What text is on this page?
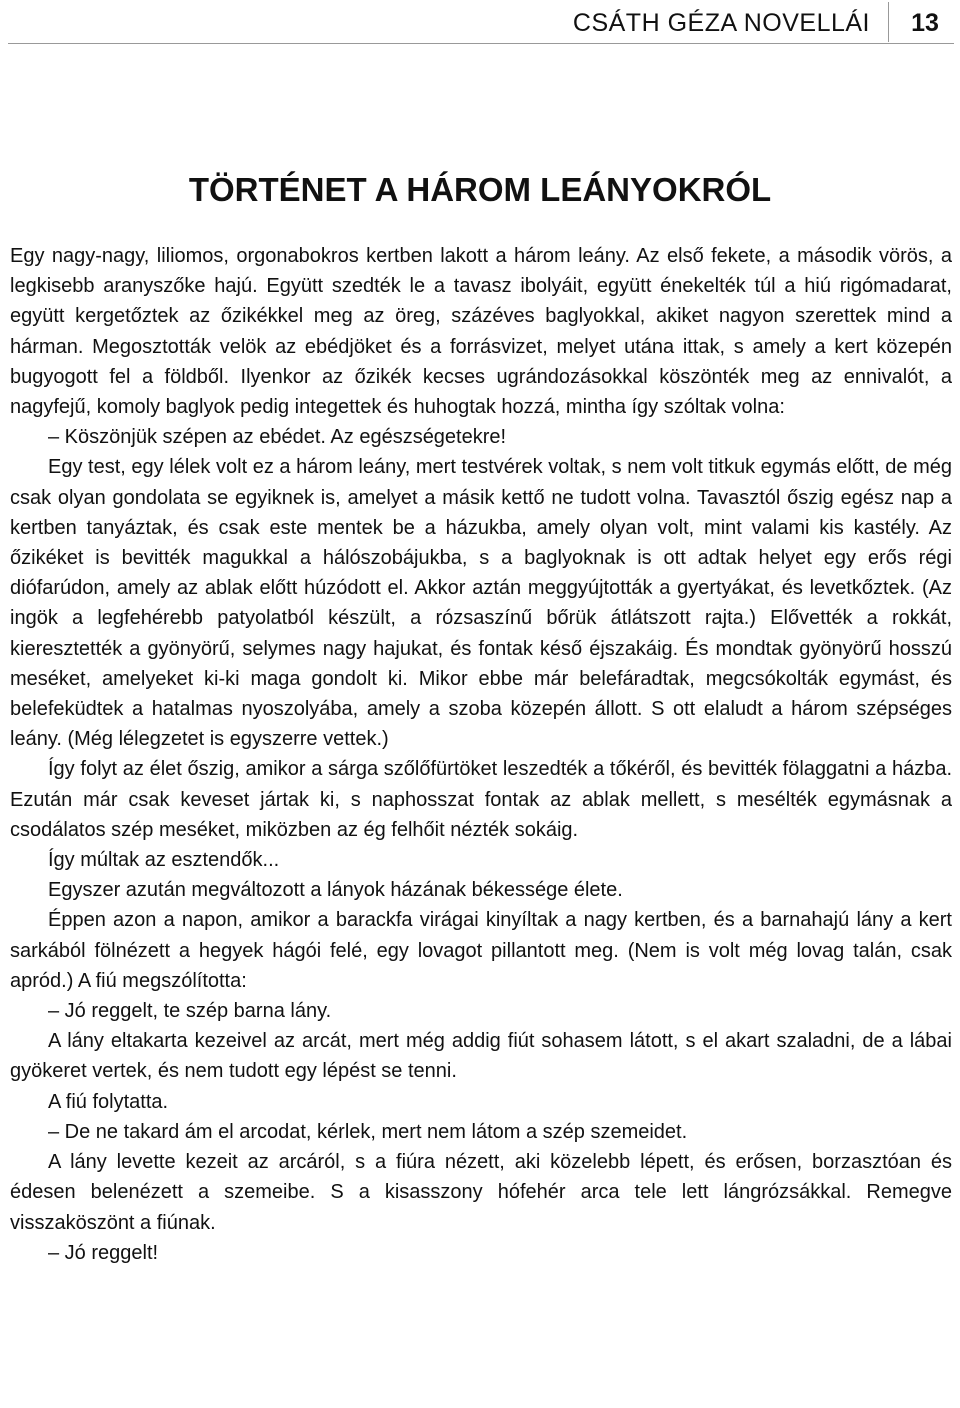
CSÁTH GÉZA NOVELLÁI	13
TÖRTÉNET A HÁROM LEÁNYOKRÓL

Egy nagy-nagy, liliomos, orgonabokros kertben lakott a három leány. Az első fekete, a második vörös, a legkisebb aranyszőke hajú. Együtt szedték le a tavasz ibolyáit, együtt énekelték túl a hiú rigómadarat, együtt kergetőztek az őzikékkel meg az öreg, százéves baglyokkal, akiket nagyon szerettek mind a hárman. Megosztották velök az ebédjöket és a forrásvizet, melyet utána ittak, s amely a kert közepén bugyogott fel a földből. Ilyenkor az őzikék kecses ugrándozásokkal köszönték meg az ennivalót, a nagyfejű, komoly baglyok pedig integettek és huhogtak hozzá, mintha így szóltak volna:

– Köszönjük szépen az ebédet. Az egészségetekre!

Egy test, egy lélek volt ez a három leány, mert testvérek voltak, s nem volt titkuk egymás előtt, de még csak olyan gondolata se egyiknek is, amelyet a másik kettő ne tudott volna. Tavasztól őszig egész nap a kertben tanyáztak, és csak este mentek be a házukba, amely olyan volt, mint valami kis kastély. Az őzikéket is bevitték magukkal a hálószobájukba, s a baglyoknak is ott adtak helyet egy erős régi diófarúdon, amely az ablak előtt húzódott el. Akkor aztán meggyújtották a gyertyákat, és levetkőztek. (Az ingök a legfehérebb patyolatból készült, a rózsaszínű bőrük átlátszott rajta.) Elővették a rokkát, kieresztették a gyönyörű, selymes nagy hajukat, és fontak késő éjszakáig. És mondtak gyönyörű hosszú meséket, amelyeket ki-ki maga gondolt ki. Mikor ebbe már belefáradtak, megcsókolták egymást, és belefeküdtek a hatalmas nyoszolyába, amely a szoba közepén állott. S ott elaludt a három szépséges leány. (Még lélegzetet is egyszerre vettek.)

Így folyt az élet őszig, amikor a sárga szőlőfürtöket leszedték a tőkéről, és bevitték fölaggatni a házba. Ezután már csak keveset jártak ki, s naphosszat fontak az ablak mellett, s mesélték egymásnak a csodálatos szép meséket, miközben az ég felhőit nézték sokáig.

Így múltak az esztendők...

Egyszer azután megváltozott a lányok házának békessége élete.

Éppen azon a napon, amikor a barackfa virágai kinyíltak a nagy kertben, és a barnahajú lány a kert sarkából fölnézett a hegyek hágói felé, egy lovagot pillantott meg. (Nem is volt még lovag talán, csak apród.) A fiú megszólította:

– Jó reggelt, te szép barna lány.

A lány eltakarta kezeivel az arcát, mert még addig fiút sohasem látott, s el akart szaladni, de a lábai gyökeret vertek, és nem tudott egy lépést se tenni.

A fiú folytatta.

– De ne takard ám el arcodat, kérlek, mert nem látom a szép szemeidet.

A lány levette kezeit az arcáról, s a fiúra nézett, aki közelebb lépett, és erősen, borzasztóan és édesen belenézett a szemeibe. S a kisasszony hófehér arca tele lett lángrózsákkal. Remegve visszaköszönt a fiúnak.

– Jó reggelt!
